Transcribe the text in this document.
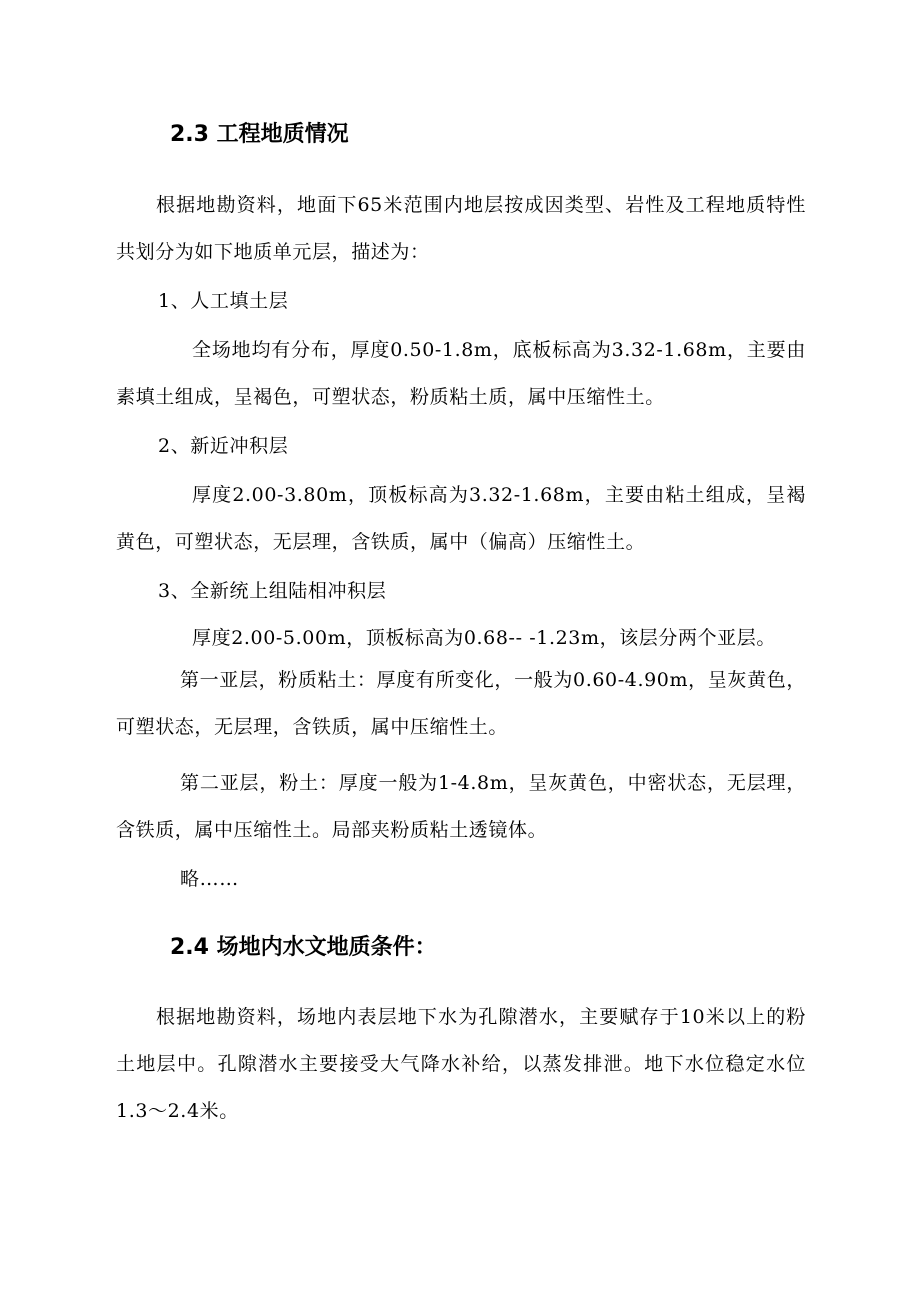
2.3 工程地质情况
根据地勘资料，地面下65米范围内地层按成因类型、岩性及工程地质特性共划分为如下地质单元层，描述为：
1、人工填土层
全场地均有分布，厚度0.50-1.8m，底板标高为3.32-1.68m，主要由素填土组成，呈褐色，可塑状态，粉质粘土质，属中压缩性土。
2、新近冲积层
厚度2.00-3.80m，顶板标高为3.32-1.68m，主要由粘土组成，呈褐黄色，可塑状态，无层理，含铁质，属中（偏高）压缩性土。
3、全新统上组陆相冲积层
厚度2.00-5.00m，顶板标高为0.68-- -1.23m，该层分两个亚层。
第一亚层，粉质粘土：厚度有所变化，一般为0.60-4.90m，呈灰黄色，可塑状态，无层理，含铁质，属中压缩性土。
第二亚层，粉土：厚度一般为1-4.8m，呈灰黄色，中密状态，无层理，含铁质，属中压缩性土。局部夹粉质粘土透镜体。
略……
2.4 场地内水文地质条件：
根据地勘资料，场地内表层地下水为孔隙潜水，主要赋存于10米以上的粉土地层中。孔隙潜水主要接受大气降水补给，以蒸发排泄。地下水位稳定水位1.3～2.4米。
